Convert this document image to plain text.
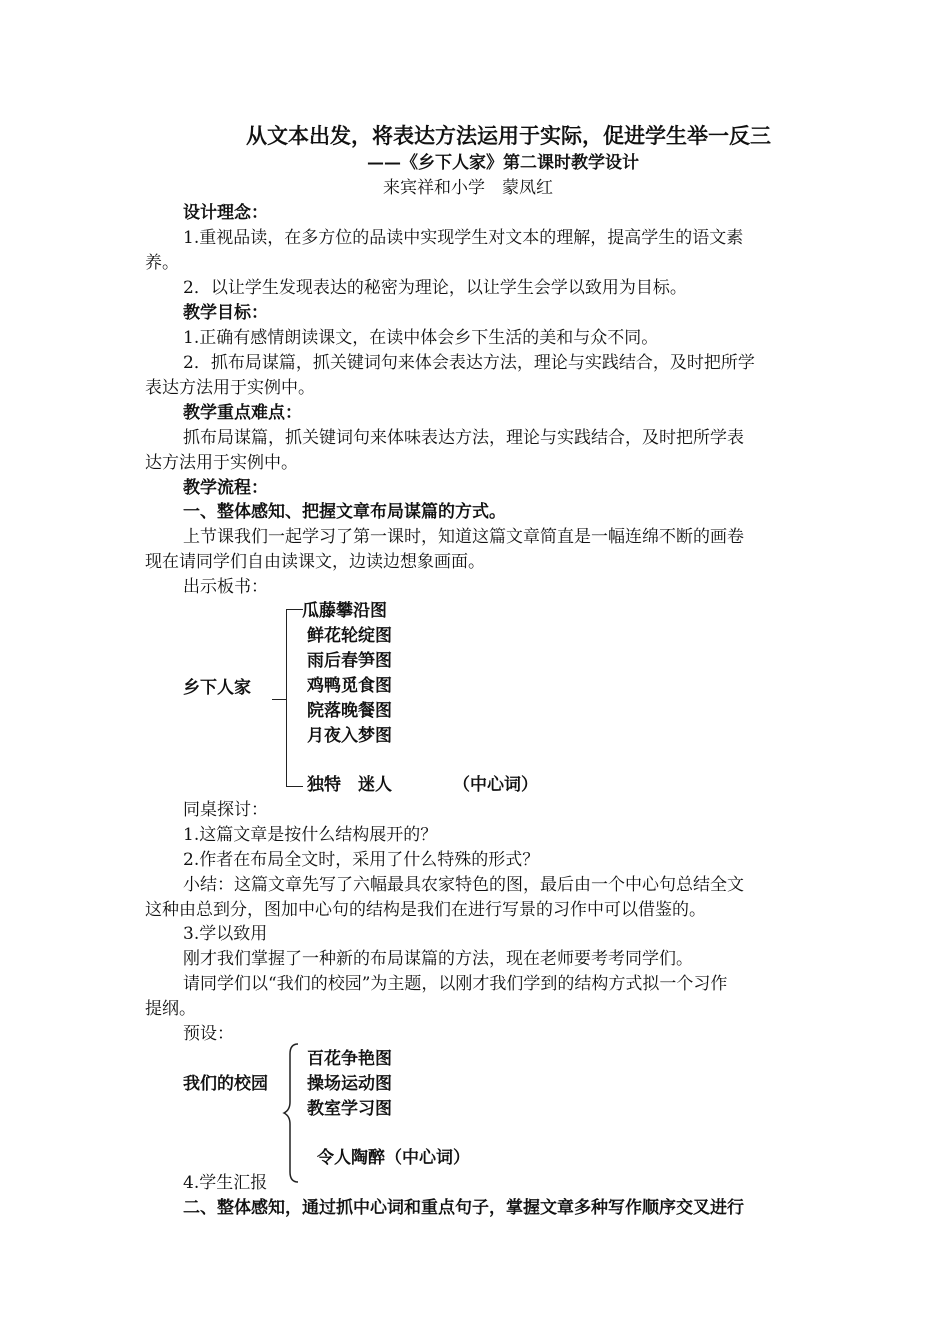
从文本出发，将表达方法运用于实际，促进学生举一反三
——《乡下人家》第二课时教学设计
来宾祥和小学　蒙凤红
设计理念：
1.重视品读，在多方位的品读中实现学生对文本的理解，提高学生的语文素
养。
2．以让学生发现表达的秘密为理论，以让学生会学以致用为目标。
教学目标：
1.正确有感情朗读课文，在读中体会乡下生活的美和与众不同。
2．抓布局谋篇，抓关键词句来体会表达方法，理论与实践结合，及时把所学
表达方法用于实例中。
教学重点难点：
抓布局谋篇，抓关键词句来体味表达方法，理论与实践结合，及时把所学表
达方法用于实例中。
教学流程：
一、整体感知、把握文章布局谋篇的方式。
上节课我们一起学习了第一课时，知道这篇文章简直是一幅连绵不断的画卷
现在请同学们自由读课文，边读边想象画面。
出示板书：
乡下人家
瓜藤攀沿图
鲜花轮绽图
雨后春笋图
鸡鸭觅食图
院落晚餐图
月夜入梦图
独特　迷人	（中心词）
同桌探讨：
1.这篇文章是按什么结构展开的？
2.作者在布局全文时，采用了什么特殊的形式？
小结：这篇文章先写了六幅最具农家特色的图，最后由一个中心句总结全文
这种由总到分，图加中心句的结构是我们在进行写景的习作中可以借鉴的。
3.学以致用
刚才我们掌握了一种新的布局谋篇的方法，现在老师要考考同学们。
请同学们以“我们的校园”为主题，以刚才我们学到的结构方式拟一个习作
提纲。
预设：
我们的校园
百花争艳图
操场运动图
教室学习图
令人陶醉（中心词）
4.学生汇报
二、整体感知，通过抓中心词和重点句子，掌握文章多种写作顺序交叉进行
